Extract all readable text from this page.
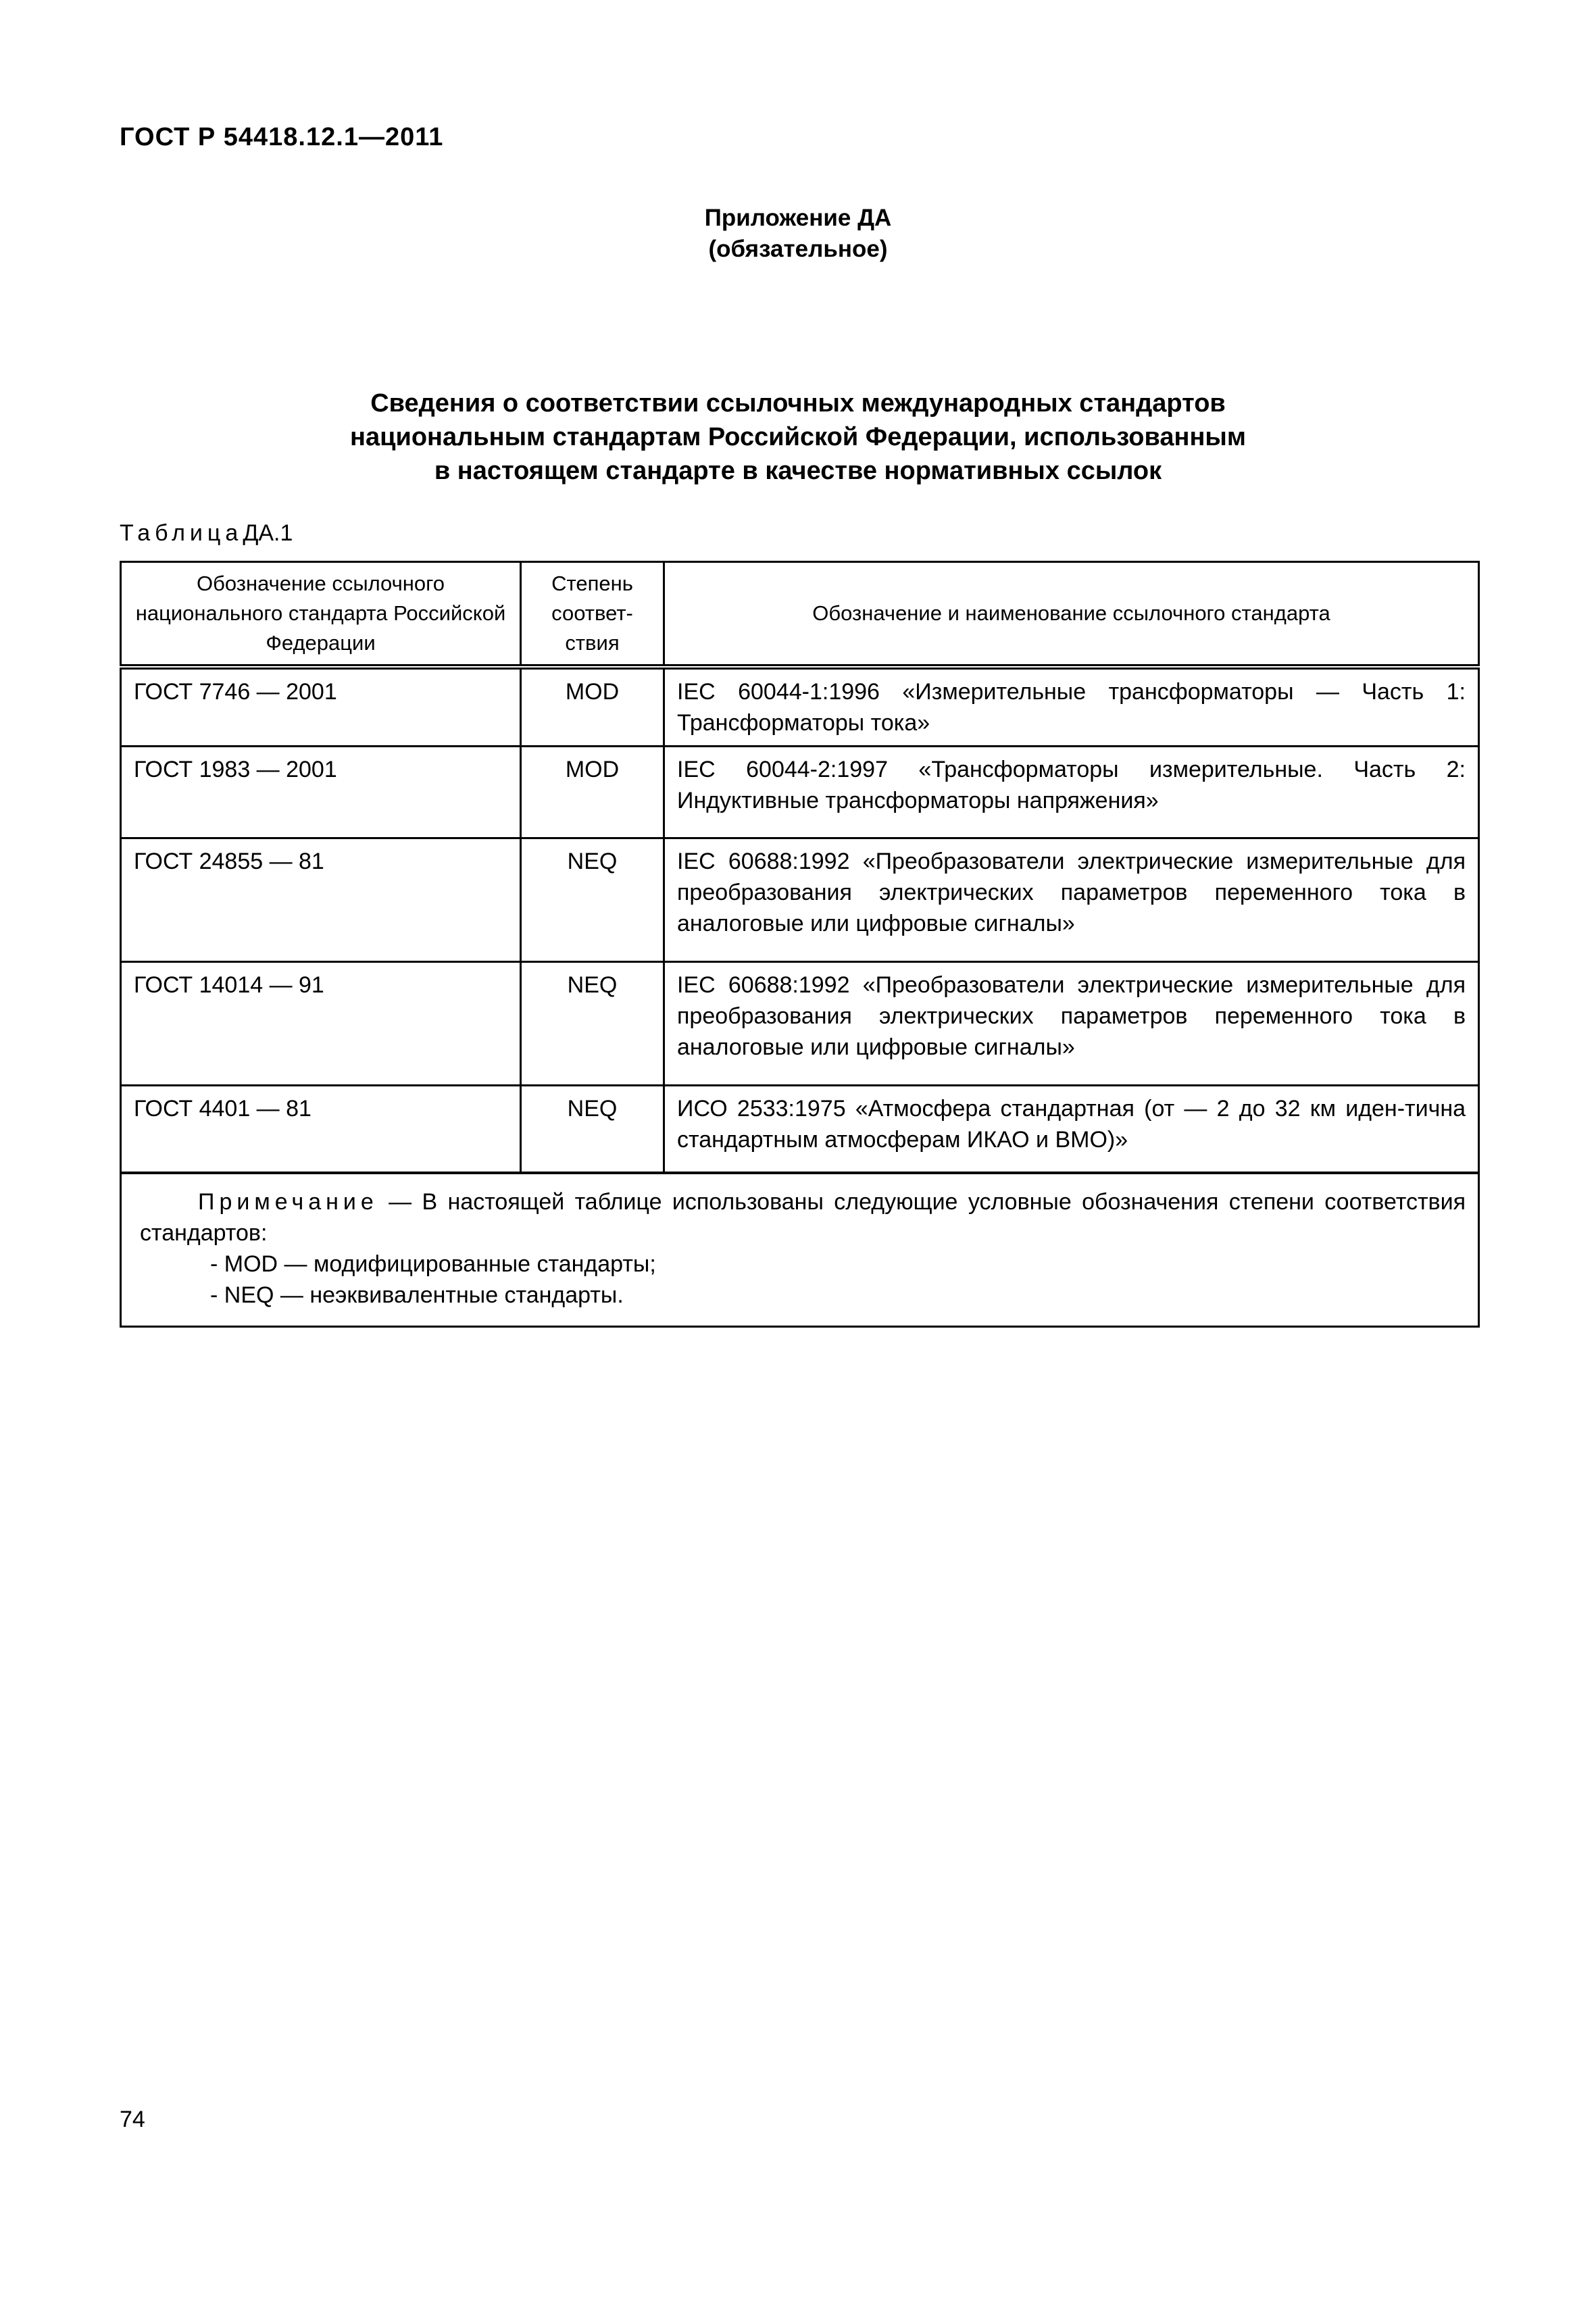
ГОСТ Р 54418.12.1—2011
Приложение ДА
(обязательное)
Сведения о соответствии ссылочных международных стандартов
национальным стандартам Российской Федерации, использованным
в настоящем стандарте в качестве нормативных ссылок
ТаблицаДА.1
Обозначение ссылочного национального стандарта Российской Федерации	Степень соответ-ствия	Обозначение и наименование ссылочного стандарта
ГОСТ 7746 — 2001	MOD	IEC 60044-1:1996 «Измерительные трансформаторы — Часть 1: Трансформаторы тока»
ГОСТ 1983 — 2001	MOD	IEC 60044-2:1997 «Трансформаторы измерительные. Часть 2: Индуктивные трансформаторы напряжения»
ГОСТ 24855 — 81	NEQ	IEC 60688:1992 «Преобразователи электрические измерительные для преобразования электрических параметров переменного тока в аналоговые или цифровые сигналы»
ГОСТ 14014 — 91	NEQ	IEC 60688:1992 «Преобразователи электрические измерительные для преобразования электрических параметров переменного тока в аналоговые или цифровые сигналы»
ГОСТ 4401 — 81	NEQ	ИСО 2533:1975 «Атмосфера стандартная (от — 2 до 32 км иден-тична стандартным атмосферам ИКАО и ВМО)»
Примечание — В настоящей таблице использованы следующие условные обозначения степени соответствия стандартов:
- MOD — модифицированные стандарты;
- NEQ — неэквивалентные стандарты.		
74
